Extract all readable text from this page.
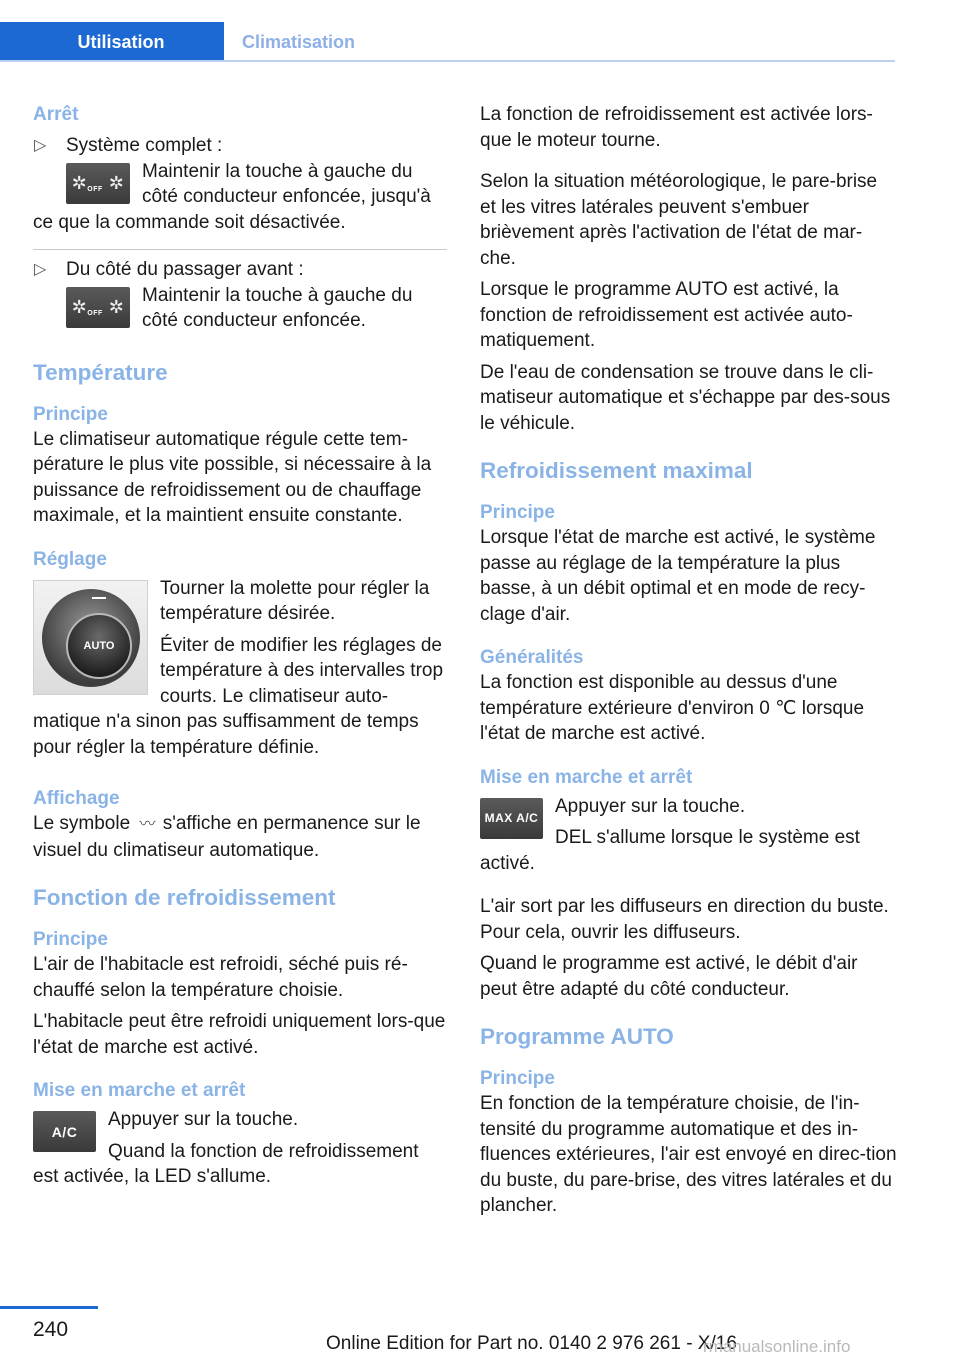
Utilisation	Climatisation
Arrêt
▷ Système complet :
✲ OFF ✲
Maintenir la touche à gauche du côté conducteur enfoncée, jusqu'à
ce que la commande soit désactivée.
▷ Du côté du passager avant :
✲ OFF ✲
Maintenir la touche à gauche du côté conducteur enfoncée.
Température
Principe
Le climatiseur automatique régule cette tem-pérature le plus vite possible, si nécessaire à la puissance de refroidissement ou de chauffage maximale, et la maintient ensuite constante.
Réglage
AUTO
Tourner la molette pour régler la température désirée.
Éviter de modifier les réglages de température à des intervalles trop courts. Le climatiseur auto-matique n'a sinon pas suffisamment de temps pour régler la température définie.
Affichage
Le symbole 〰 s'affiche en permanence sur le visuel du climatiseur automatique.
Fonction de refroidissement
Principe
L'air de l'habitacle est refroidi, séché puis ré-chauffé selon la température choisie.
L'habitacle peut être refroidi uniquement lors-que l'état de marche est activé.
Mise en marche et arrêt
A/C
Appuyer sur la touche.
Quand la fonction de refroidissement est activée, la LED s'allume.
La fonction de refroidissement est activée lors-que le moteur tourne.
Selon la situation météorologique, le pare-brise et les vitres latérales peuvent s'embuer brièvement après l'activation de l'état de mar-che.
Lorsque le programme AUTO est activé, la fonction de refroidissement est activée auto-matiquement.
De l'eau de condensation se trouve dans le cli-matiseur automatique et s'échappe par des-sous le véhicule.
Refroidissement maximal
Principe
Lorsque l'état de marche est activé, le système passe au réglage de la température la plus basse, à un débit optimal et en mode de recy-clage d'air.
Généralités
La fonction est disponible au dessus d'une température extérieure d'environ 0 ℃ lorsque l'état de marche est activé.
Mise en marche et arrêt
MAX A/C
Appuyer sur la touche.
DEL s'allume lorsque le système est activé.
L'air sort par les diffuseurs en direction du buste. Pour cela, ouvrir les diffuseurs.
Quand le programme est activé, le débit d'air peut être adapté du côté conducteur.
Programme AUTO
Principe
En fonction de la température choisie, de l'in-tensité du programme automatique et des in-fluences extérieures, l'air est envoyé en direc-tion du buste, du pare-brise, des vitres latérales et du plancher.
240
Online Edition for Part no. 0140 2 976 261 - X/16
rmanualsonline.info
